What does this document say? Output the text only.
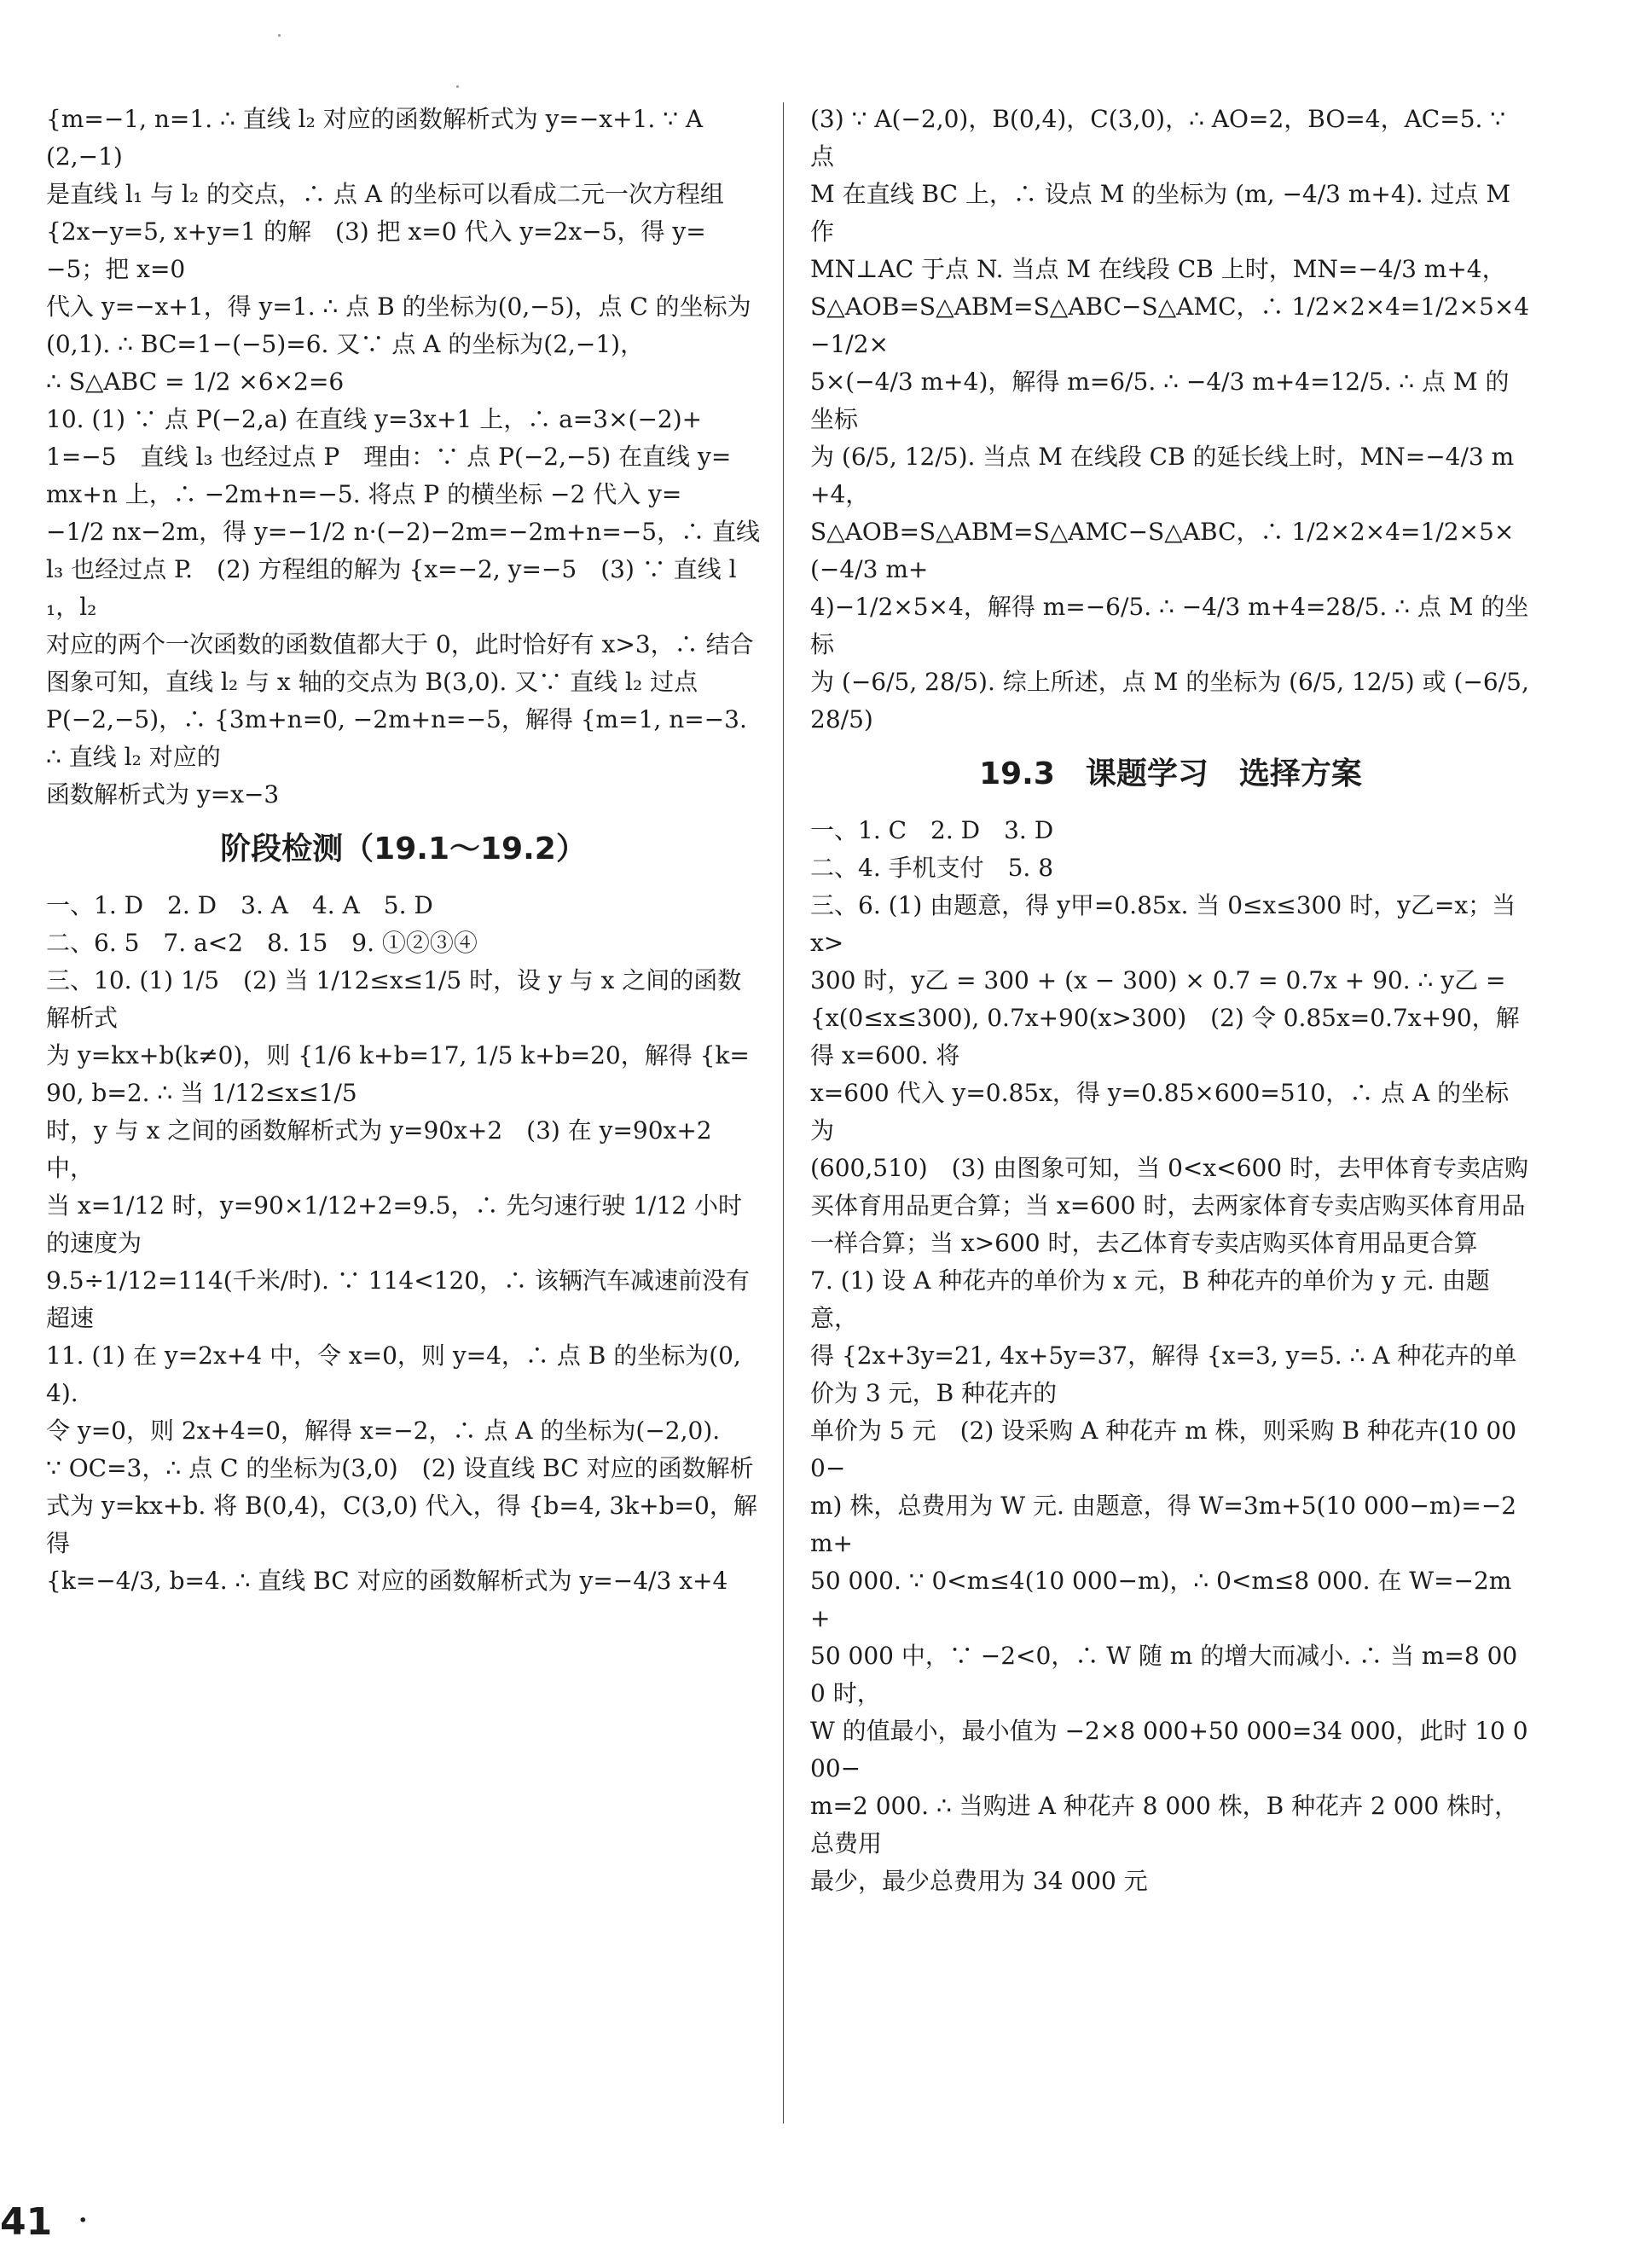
{m=−1, n=1. ∴ 直线 l₂ 对应的函数解析式为 y=−x+1. ∵ A(2,−1)

是直线 l₁ 与 l₂ 的交点，∴ 点 A 的坐标可以看成二元一次方程组

{2x−y=5, x+y=1 的解　(3) 把 x=0 代入 y=2x−5，得 y=−5；把 x=0

代入 y=−x+1，得 y=1. ∴ 点 B 的坐标为(0,−5)，点 C 的坐标为

(0,1). ∴ BC=1−(−5)=6. 又∵ 点 A 的坐标为(2,−1)，

∴ S△ABC = 1/2 ×6×2=6

10. (1) ∵ 点 P(−2,a) 在直线 y=3x+1 上，∴ a=3×(−2)+

1=−5　直线 l₃ 也经过点 P　理由：∵ 点 P(−2,−5) 在直线 y=

mx+n 上，∴ −2m+n=−5. 将点 P 的横坐标 −2 代入 y=

−1/2 nx−2m，得 y=−1/2 n·(−2)−2m=−2m+n=−5，∴ 直线

l₃ 也经过点 P.　(2) 方程组的解为 {x=−2, y=−5　(3) ∵ 直线 l₁，l₂

对应的两个一次函数的函数值都大于 0，此时恰好有 x>3，∴ 结合

图象可知，直线 l₂ 与 x 轴的交点为 B(3,0). 又∵ 直线 l₂ 过点

P(−2,−5)，∴ {3m+n=0, −2m+n=−5，解得 {m=1, n=−3. ∴ 直线 l₂ 对应的

函数解析式为 y=x−3

阶段检测（19.1～19.2）

一、1. D　2. D　3. A　4. A　5. D

二、6. 5　7. a<2　8. 15　9. ①②③④

三、10. (1) 1/5　(2) 当 1/12≤x≤1/5 时，设 y 与 x 之间的函数解析式

为 y=kx+b(k≠0)，则 {1/6 k+b=17, 1/5 k+b=20，解得 {k=90, b=2. ∴ 当 1/12≤x≤1/5

时，y 与 x 之间的函数解析式为 y=90x+2　(3) 在 y=90x+2 中，

当 x=1/12 时，y=90×1/12+2=9.5，∴ 先匀速行驶 1/12 小时的速度为

9.5÷1/12=114(千米/时). ∵ 114<120，∴ 该辆汽车减速前没有超速

11. (1) 在 y=2x+4 中，令 x=0，则 y=4，∴ 点 B 的坐标为(0,4).

令 y=0，则 2x+4=0，解得 x=−2，∴ 点 A 的坐标为(−2,0).

∵ OC=3，∴ 点 C 的坐标为(3,0)　(2) 设直线 BC 对应的函数解析

式为 y=kx+b. 将 B(0,4)，C(3,0) 代入，得 {b=4, 3k+b=0，解得

{k=−4/3, b=4. ∴ 直线 BC 对应的函数解析式为 y=−4/3 x+4

(3) ∵ A(−2,0)，B(0,4)，C(3,0)，∴ AO=2，BO=4，AC=5. ∵ 点

M 在直线 BC 上，∴ 设点 M 的坐标为 (m, −4/3 m+4). 过点 M 作

MN⊥AC 于点 N. 当点 M 在线段 CB 上时，MN=−4/3 m+4，

S△AOB=S△ABM=S△ABC−S△AMC，∴ 1/2×2×4=1/2×5×4−1/2×

5×(−4/3 m+4)，解得 m=6/5. ∴ −4/3 m+4=12/5. ∴ 点 M 的坐标

为 (6/5, 12/5). 当点 M 在线段 CB 的延长线上时，MN=−4/3 m+4，

S△AOB=S△ABM=S△AMC−S△ABC，∴ 1/2×2×4=1/2×5×(−4/3 m+

4)−1/2×5×4，解得 m=−6/5. ∴ −4/3 m+4=28/5. ∴ 点 M 的坐标

为 (−6/5, 28/5). 综上所述，点 M 的坐标为 (6/5, 12/5) 或 (−6/5, 28/5)

19.3　课题学习　选择方案

一、1. C　2. D　3. D

二、4. 手机支付　5. 8

三、6. (1) 由题意，得 y甲=0.85x. 当 0≤x≤300 时，y乙=x；当 x>

300 时，y乙 = 300 + (x − 300) × 0.7 = 0.7x + 90. ∴ y乙 =

{x(0≤x≤300), 0.7x+90(x>300)　(2) 令 0.85x=0.7x+90，解得 x=600. 将

x=600 代入 y=0.85x，得 y=0.85×600=510，∴ 点 A 的坐标为

(600,510)　(3) 由图象可知，当 0<x<600 时，去甲体育专卖店购

买体育用品更合算；当 x=600 时，去两家体育专卖店购买体育用品

一样合算；当 x>600 时，去乙体育专卖店购买体育用品更合算

7. (1) 设 A 种花卉的单价为 x 元，B 种花卉的单价为 y 元. 由题意，

得 {2x+3y=21, 4x+5y=37，解得 {x=3, y=5. ∴ A 种花卉的单价为 3 元，B 种花卉的

单价为 5 元　(2) 设采购 A 种花卉 m 株，则采购 B 种花卉(10 000−

m) 株，总费用为 W 元. 由题意，得 W=3m+5(10 000−m)=−2m+

50 000. ∵ 0<m≤4(10 000−m)，∴ 0<m≤8 000. 在 W=−2m+

50 000 中，∵ −2<0，∴ W 随 m 的增大而减小. ∴ 当 m=8 000 时，

W 的值最小，最小值为 −2×8 000+50 000=34 000，此时 10 000−

m=2 000. ∴ 当购进 A 种花卉 8 000 株，B 种花卉 2 000 株时，总费用

最少，最少总费用为 34 000 元

41 ·
